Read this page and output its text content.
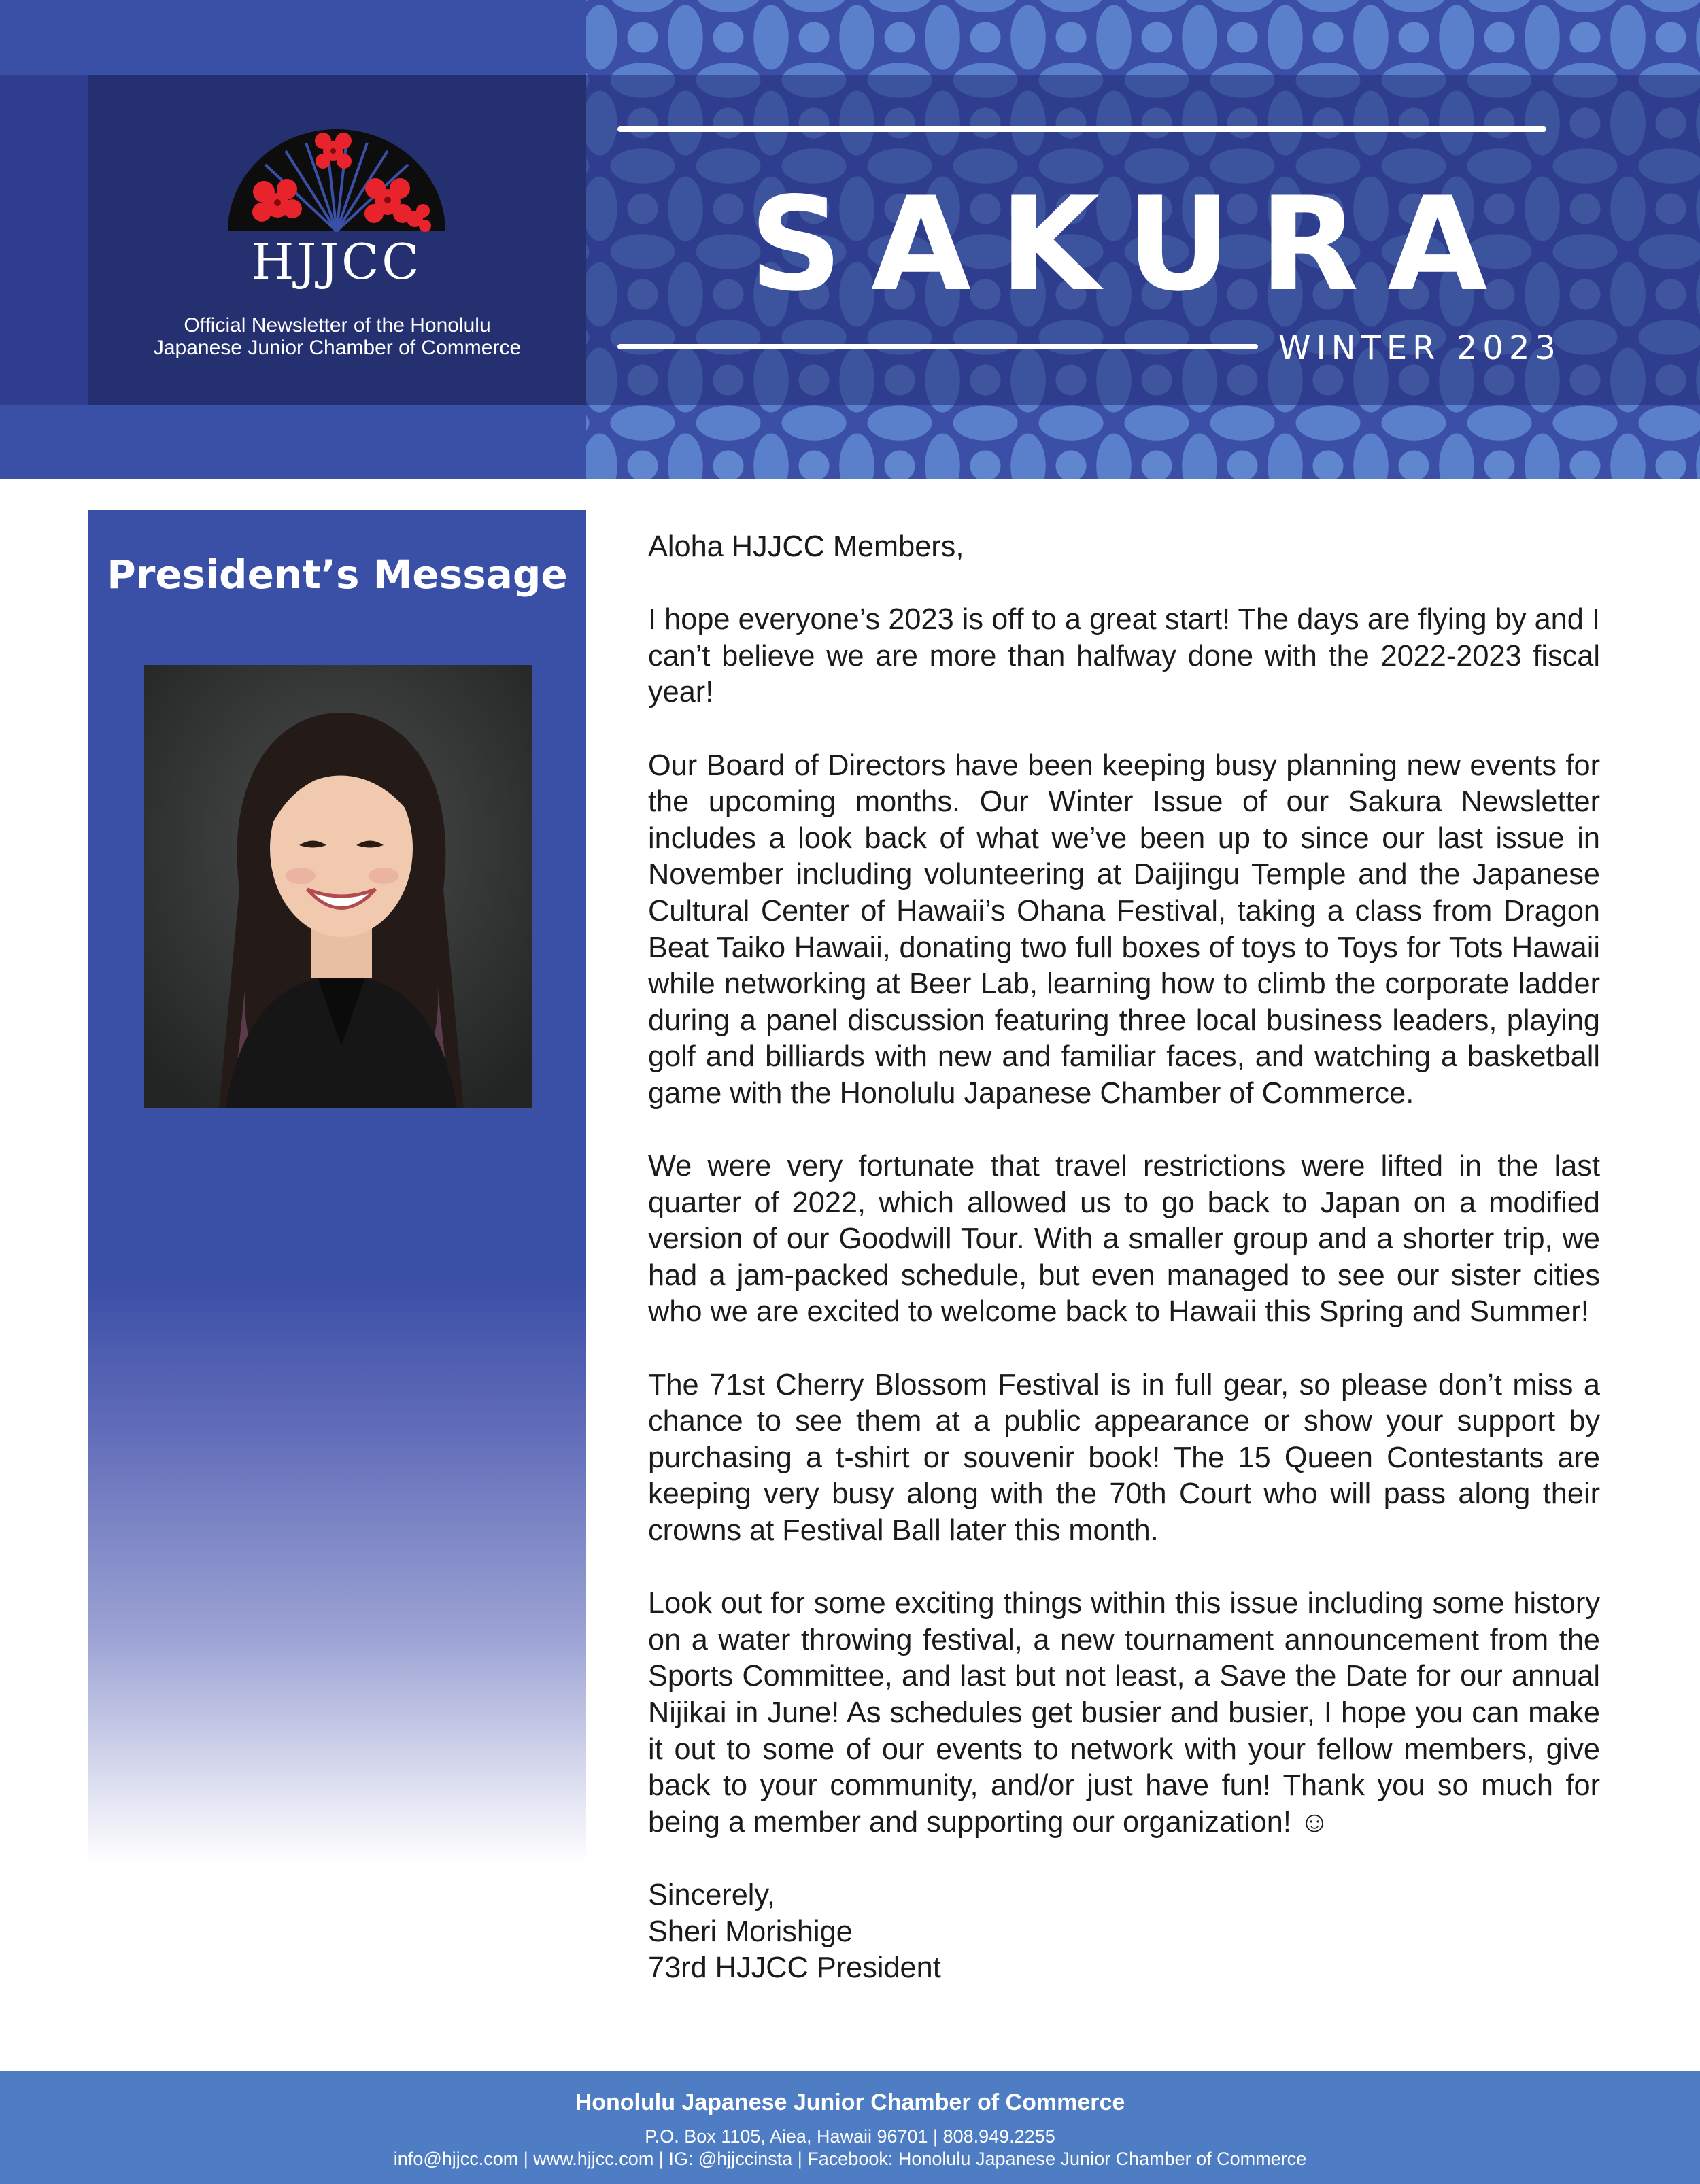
HJJCC
Official Newsletter of the Honolulu
Japanese Junior Chamber of Commerce
SAKURA
WINTER 2023
President’s Message

Aloha HJJCC Members,

I hope everyone’s 2023 is off to a great start! The days are flying by and I can’t believe we are more than halfway done with the 2022-2023 fiscal year!

Our Board of Directors have been keeping busy planning new events for the upcoming months. Our Winter Issue of our Sakura Newsletter includes a look back of what we’ve been up to since our last issue in November including volunteering at Daijingu Temple and the Japanese Cultural Center of Hawaii’s Ohana Festival, taking a class from Dragon Beat Taiko Hawaii, donating two full boxes of toys to Toys for Tots Hawaii while networking at Beer Lab, learning how to climb the corporate ladder during a panel discussion featuring three local business leaders, playing golf and billiards with new and familiar faces, and watching a basketball game with the Honolulu Japanese Chamber of Commerce.

We were very fortunate that travel restrictions were lifted in the last quarter of 2022, which allowed us to go back to Japan on a modified version of our Goodwill Tour. With a smaller group and a shorter trip, we had a jam-packed schedule, but even managed to see our sister cities who we are excited to welcome back to Hawaii this Spring and Summer!

The 71st Cherry Blossom Festival is in full gear, so please don’t miss a chance to see them at a public appearance or show your support by purchasing a t-shirt or souvenir book! The 15 Queen Contestants are keeping very busy along with the 70th Court who will pass along their crowns at Festival Ball later this month.

Look out for some exciting things within this issue including some history on a water throwing festival, a new tournament announcement from the Sports Committee, and last but not least, a Save the Date for our annual Nijikai in June! As schedules get busier and busier, I hope you can make it out to some of our events to network with your fellow members, give back to your community, and/or just have fun! Thank you so much for being a member and supporting our organization! ☺

Sincerely,
Sheri Morishige
73rd HJJCC President

Honolulu Japanese Junior Chamber of Commerce
P.O. Box 1105, Aiea, Hawaii 96701 | 808.949.2255
info@hjjcc.com | www.hjjcc.com | IG: @hjjccinsta | Facebook: Honolulu Japanese Junior Chamber of Commerce
